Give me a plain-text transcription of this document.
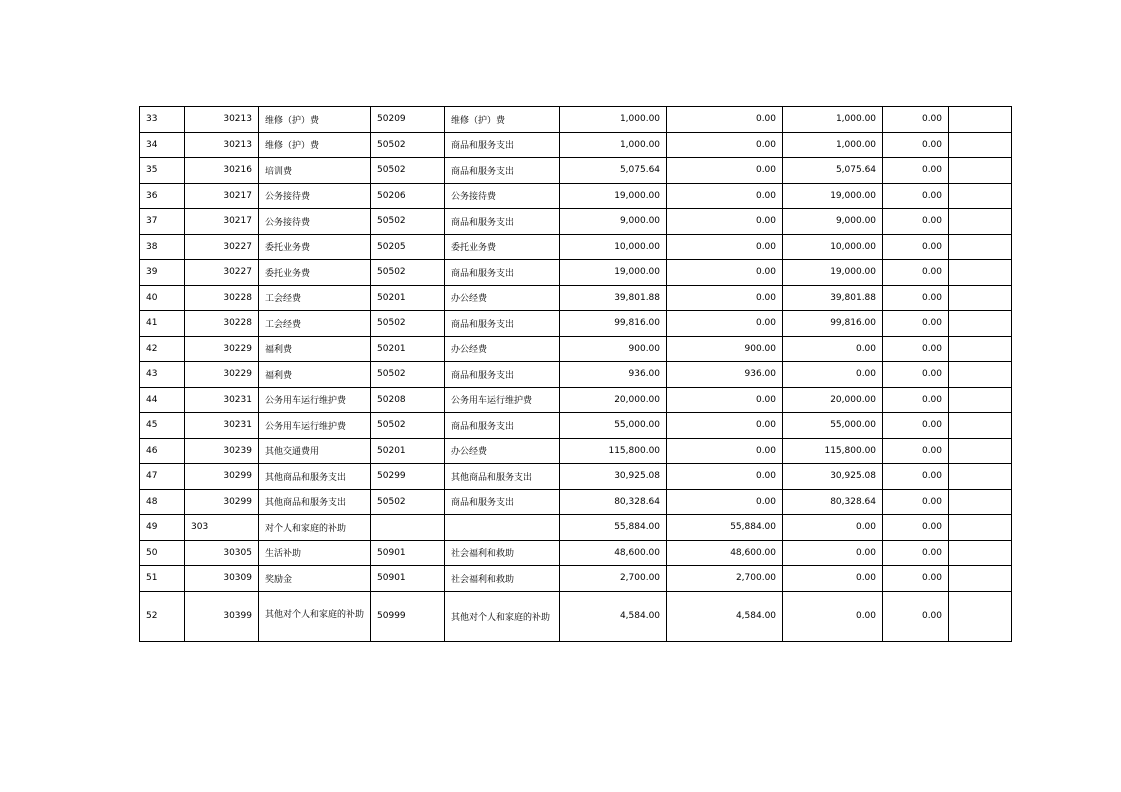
33	30213	维修（护）费	50209	维修（护）费	1,000.00	0.00	1,000.00	0.00	
34	30213	维修（护）费	50502	商品和服务支出	1,000.00	0.00	1,000.00	0.00	
35	30216	培训费	50502	商品和服务支出	5,075.64	0.00	5,075.64	0.00	
36	30217	公务接待费	50206	公务接待费	19,000.00	0.00	19,000.00	0.00	
37	30217	公务接待费	50502	商品和服务支出	9,000.00	0.00	9,000.00	0.00	
38	30227	委托业务费	50205	委托业务费	10,000.00	0.00	10,000.00	0.00	
39	30227	委托业务费	50502	商品和服务支出	19,000.00	0.00	19,000.00	0.00	
40	30228	工会经费	50201	办公经费	39,801.88	0.00	39,801.88	0.00	
41	30228	工会经费	50502	商品和服务支出	99,816.00	0.00	99,816.00	0.00	
42	30229	福利费	50201	办公经费	900.00	900.00	0.00	0.00	
43	30229	福利费	50502	商品和服务支出	936.00	936.00	0.00	0.00	
44	30231	公务用车运行维护费	50208	公务用车运行维护费	20,000.00	0.00	20,000.00	0.00	
45	30231	公务用车运行维护费	50502	商品和服务支出	55,000.00	0.00	55,000.00	0.00	
46	30239	其他交通费用	50201	办公经费	115,800.00	0.00	115,800.00	0.00	
47	30299	其他商品和服务支出	50299	其他商品和服务支出	30,925.08	0.00	30,925.08	0.00	
48	30299	其他商品和服务支出	50502	商品和服务支出	80,328.64	0.00	80,328.64	0.00	
49	303	对个人和家庭的补助			55,884.00	55,884.00	0.00	0.00	
50	30305	生活补助	50901	社会福利和救助	48,600.00	48,600.00	0.00	0.00	
51	30309	奖励金	50901	社会福利和救助	2,700.00	2,700.00	0.00	0.00	
52	30399	其他对个人和家庭的补助	50999	其他对个人和家庭的补助	4,584.00	4,584.00	0.00	0.00	
